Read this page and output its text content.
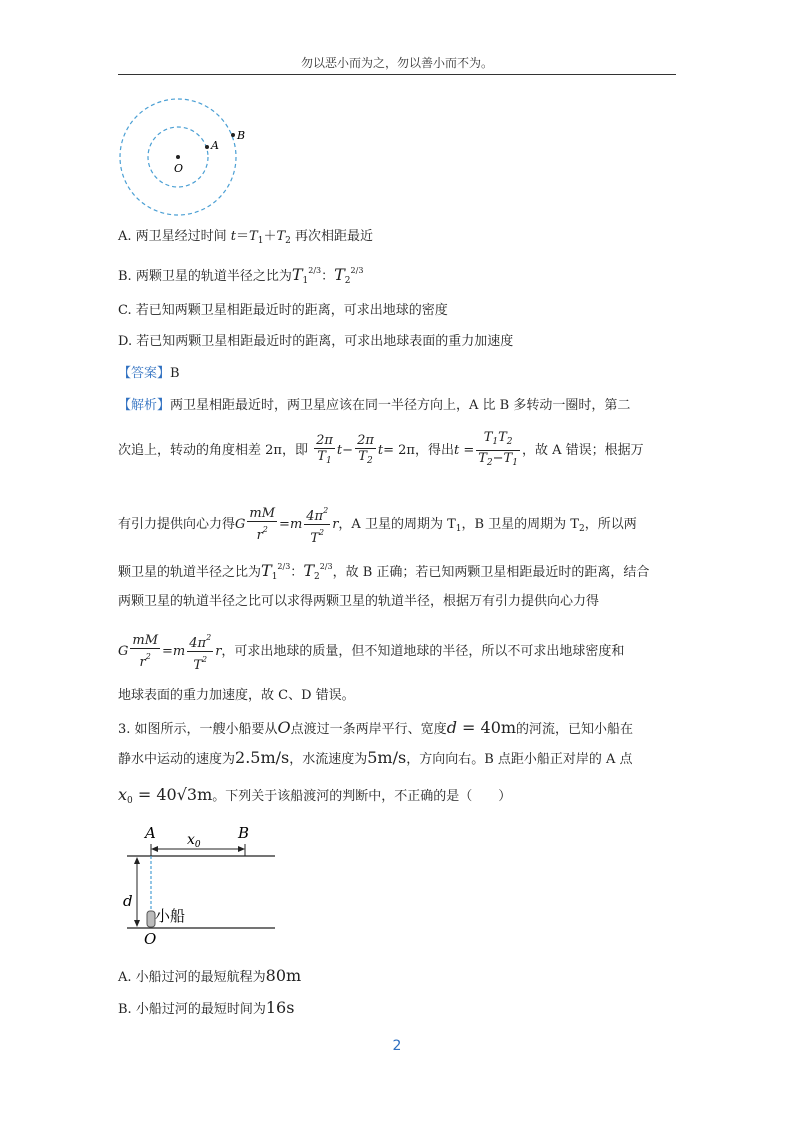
勿以恶小而为之，勿以善小而不为。
B
A
O
A. 两卫星经过时间 $t=T_1+T_2$ 再次相距最近
B. 两颗卫星的轨道半径之比为$T_1^{2/3}$：$T_2^{2/3}$
C. 若已知两颗卫星相距最近时的距离，可求出地球的密度
D. 若已知两颗卫星相距最近时的距离，可求出地球表面的重力加速度
【答案】B
【解析】两卫星相距最近时，两卫星应该在同一半径方向上，A 比 B 多转动一圈时，第二
次追上，转动的角度相差 2π，即 $\frac{2\pi}{T_1} t- \frac{2\pi}{T_2} t= 2\pi$，得出$t = \frac{T_1T_2}{T_2-T_1}$ ，故 A 错误；根据万
有引力提供向心力得G $\frac{mM}{r^2} =m \frac{4\pi^2}{T^2}$ r，A 卫星的周期为 $T_1$，B 卫星的周期为 $T_2$，所以两
颗卫星的轨道半径之比为$T_1^{2/3}$：$T_2^{2/3}$，故 B 正确；若已知两颗卫星相距最近时的距离，结合
两颗卫星的轨道半径之比可以求得两颗卫星的轨道半径，根据万有引力提供向心力得
G $\frac{mM}{r^2} =m \frac{4\pi^2}{T^2}$ r，可求出地球的质量，但不知道地球的半径，所以不可求出地球密度和
地球表面的重力加速度，故 C、D 错误。
3. 如图所示，一艘小船要从O点渡过一条两岸平行、宽度d = 40m的河流，已知小船在
静水中运动的速度为2.5m/s，水流速度为5m/s，方向向右。B 点距小船正对岸的 A 点
$x_0 = 40√3m$。下列关于该船渡河的判断中，不正确的是（　　）
A	B
$x_0$
d
小船
O
A. 小船过河的最短航程为80m
B. 小船过河的最短时间为16s
2
